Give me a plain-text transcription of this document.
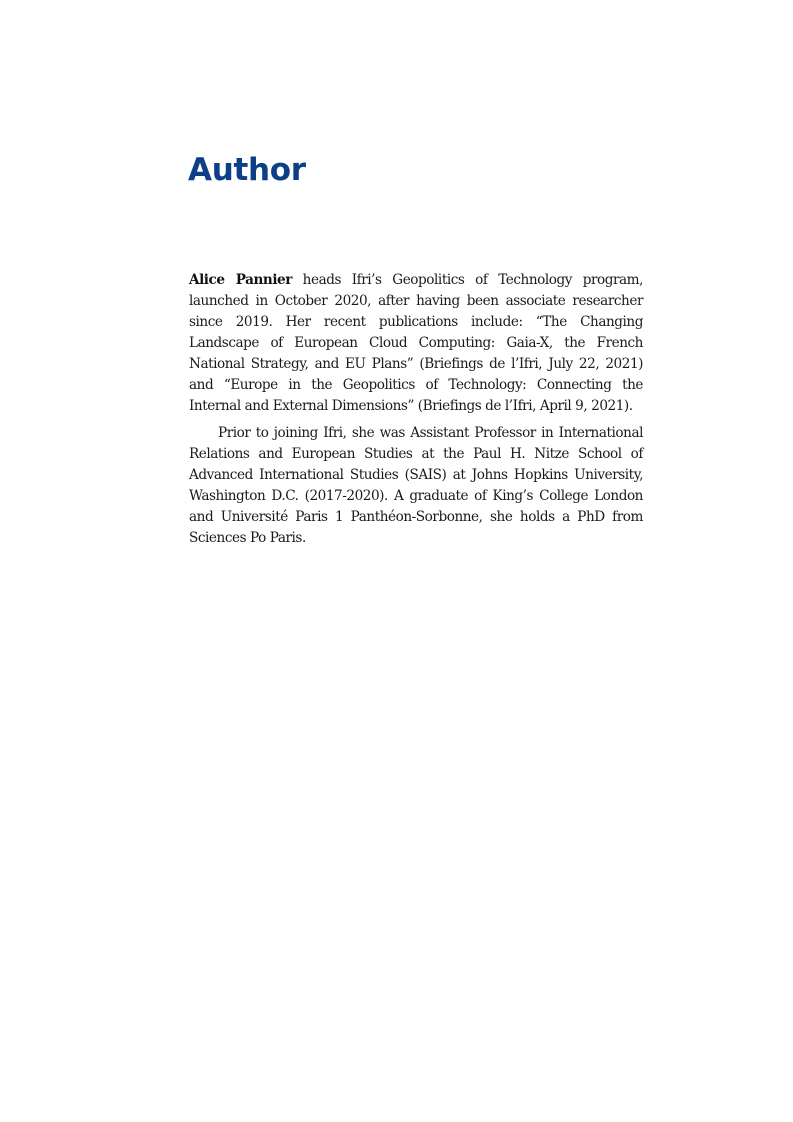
Author

Alice Pannier heads Ifri’s Geopolitics of Technology program, launched in October 2020, after having been associate researcher since 2019. Her recent publications include: “The Changing Landscape of European Cloud Computing: Gaia-X, the French National Strategy, and EU Plans” (Briefings de l’Ifri, July 22, 2021) and “Europe in the Geopolitics of Technology: Connecting the Internal and External Dimensions” (Briefings de l’Ifri, April 9, 2021).

Prior to joining Ifri, she was Assistant Professor in International Relations and European Studies at the Paul H. Nitze School of Advanced International Studies (SAIS) at Johns Hopkins University, Washington D.C. (2017-2020). A graduate of King’s College London and Université Paris 1 Panthéon-Sorbonne, she holds a PhD from Sciences Po Paris.
